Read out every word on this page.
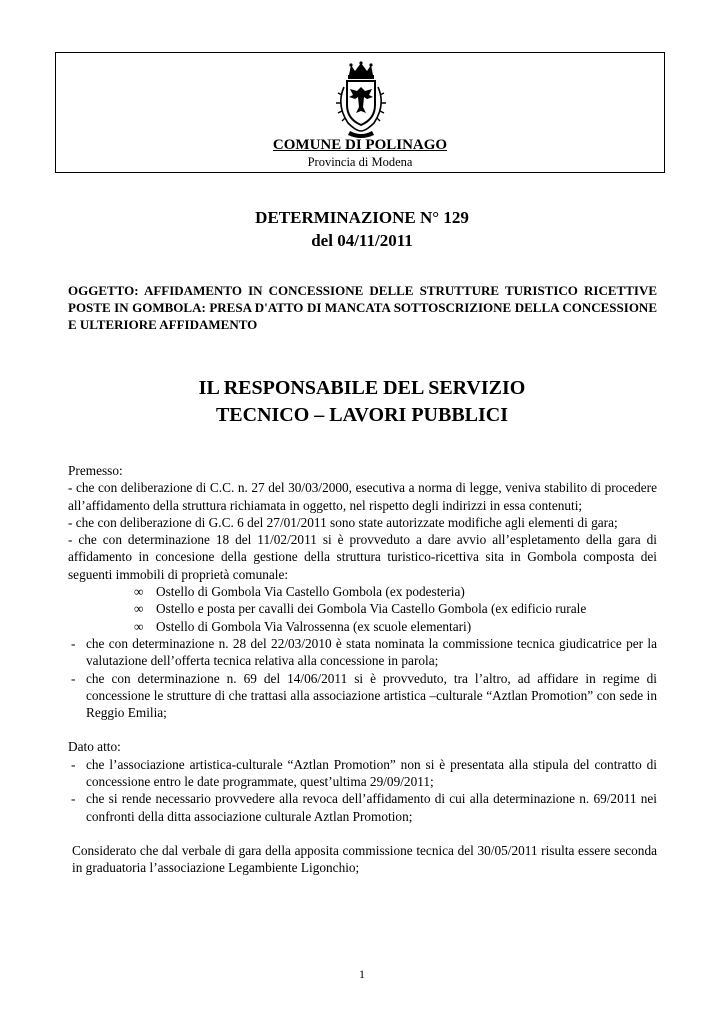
COMUNE DI POLINAGO
Provincia di Modena
DETERMINAZIONE N° 129
del 04/11/2011
OGGETTO: AFFIDAMENTO IN CONCESSIONE DELLE STRUTTURE TURISTICO RICETTIVE POSTE IN GOMBOLA: PRESA D'ATTO DI MANCATA SOTTOSCRIZIONE DELLA CONCESSIONE E ULTERIORE AFFIDAMENTO
IL RESPONSABILE DEL SERVIZIO
TECNICO – LAVORI PUBBLICI

Premesso:

- che con deliberazione di C.C. n. 27 del 30/03/2000, esecutiva a norma di legge, veniva stabilito di procedere all’affidamento della struttura richiamata in oggetto, nel rispetto degli indirizzi in essa contenuti;

- che con deliberazione di G.C. 6 del 27/01/2011 sono state autorizzate modifiche agli elementi di gara;

- che con determinazione 18 del 11/02/2011 si è provveduto a dare avvio all’espletamento della gara di affidamento in concesione della gestione della struttura turistico-ricettiva sita in Gombola composta dei seguenti immobili di proprietà comunale:

∞ Ostello di Gombola Via Castello Gombola (ex podesteria)
∞ Ostello e posta per cavalli dei Gombola Via Castello Gombola (ex edificio rurale
∞ Ostello di Gombola Via Valrossenna (ex scuole elementari)
- che con determinazione n. 28 del 22/03/2010 è stata nominata la commissione tecnica giudicatrice per la valutazione dell’offerta tecnica relativa alla concessione in parola;
- che con determinazione n. 69 del 14/06/2011 si è provveduto, tra l’altro, ad affidare in regime di concessione le strutture di che trattasi alla associazione artistica –culturale “Aztlan Promotion” con sede in Reggio Emilia;

Dato atto:

- che l’associazione artistica-culturale “Aztlan Promotion” non si è presentata alla stipula del contratto di concessione entro le date programmate, quest’ultima 29/09/2011;
- che si rende necessario provvedere alla revoca dell’affidamento di cui alla determinazione n. 69/2011 nei confronti della ditta associazione culturale Aztlan Promotion;

Considerato che dal verbale di gara della apposita commissione tecnica del 30/05/2011 risulta essere seconda in graduatoria l’associazione Legambiente Ligonchio;

1
